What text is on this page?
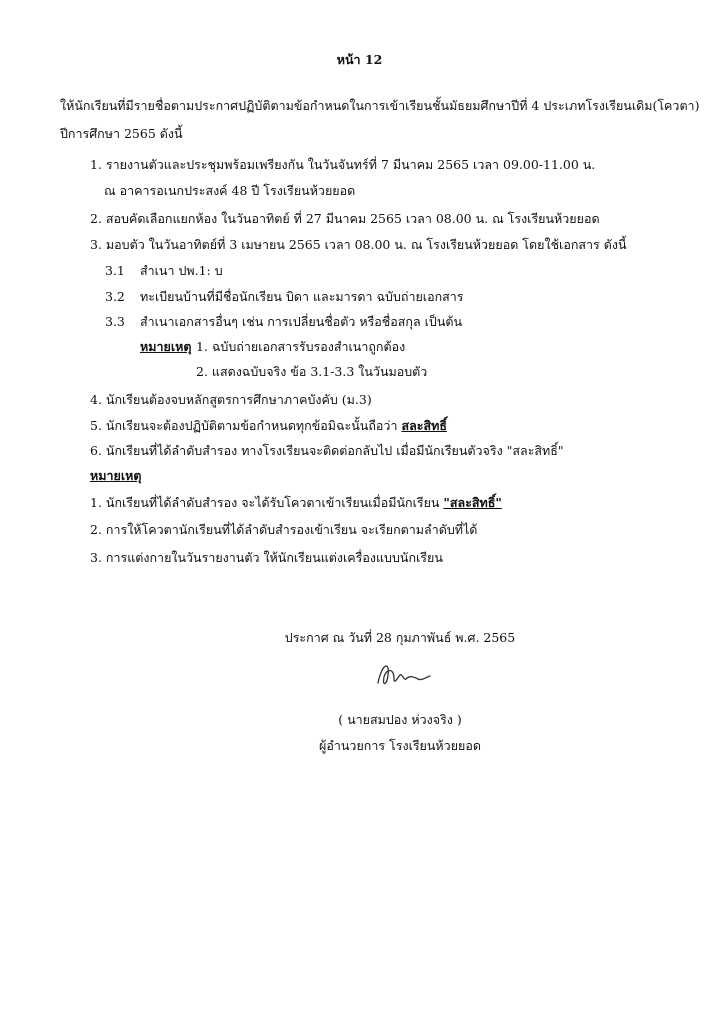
หน้า 12
ให้นักเรียนที่มีรายชื่อตามประกาศปฏิบัติตามข้อกำหนดในการเข้าเรียนชั้นมัธยมศึกษาปีที่ 4 ประเภทโรงเรียนเดิม(โควตา)
ปีการศึกษา 2565 ดังนี้
1. รายงานตัวและประชุมพร้อมเพรียงกัน ในวันจันทร์ที่ 7 มีนาคม 2565 เวลา 09.00-11.00 น.
ณ อาคารอเนกประสงค์ 48 ปี โรงเรียนห้วยยอด
2. สอบคัดเลือกแยกห้อง ในวันอาทิตย์ ที่ 27 มีนาคม 2565 เวลา 08.00 น. ณ โรงเรียนห้วยยอด
3. มอบตัว ในวันอาทิตย์ที่ 3 เมษายน 2565 เวลา 08.00 น. ณ โรงเรียนห้วยยอด โดยใช้เอกสาร ดังนี้
3.1 สำเนา ปพ.1: บ
3.2 ทะเบียนบ้านที่มีชื่อนักเรียน บิดา และมารดา ฉบับถ่ายเอกสาร
3.3 สำเนาเอกสารอื่นๆ เช่น การเปลี่ยนชื่อตัว หรือชื่อสกุล เป็นต้น
หมายเหตุ 1. ฉบับถ่ายเอกสารรับรองสำเนาถูกต้อง
2. แสดงฉบับจริง ข้อ 3.1-3.3 ในวันมอบตัว
4. นักเรียนต้องจบหลักสูตรการศึกษาภาคบังคับ (ม.3)
5. นักเรียนจะต้องปฏิบัติตามข้อกำหนดทุกข้อมิฉะนั้นถือว่า สละสิทธิ์
6. นักเรียนที่ได้ลำดับสำรอง ทางโรงเรียนจะติดต่อกลับไป เมื่อมีนักเรียนตัวจริง "สละสิทธิ์"
หมายเหตุ
1. นักเรียนที่ได้ลำดับสำรอง จะได้รับโควตาเข้าเรียนเมื่อมีนักเรียน "สละสิทธิ์"
2. การให้โควตานักเรียนที่ได้ลำดับสำรองเข้าเรียน จะเรียกตามลำดับที่ได้
3. การแต่งกายในวันรายงานตัว ให้นักเรียนแต่งเครื่องแบบนักเรียน
ประกาศ ณ วันที่ 28 กุมภาพันธ์ พ.ศ. 2565
( นายสมปอง ห่วงจริง )
ผู้อำนวยการ โรงเรียนห้วยยอด
